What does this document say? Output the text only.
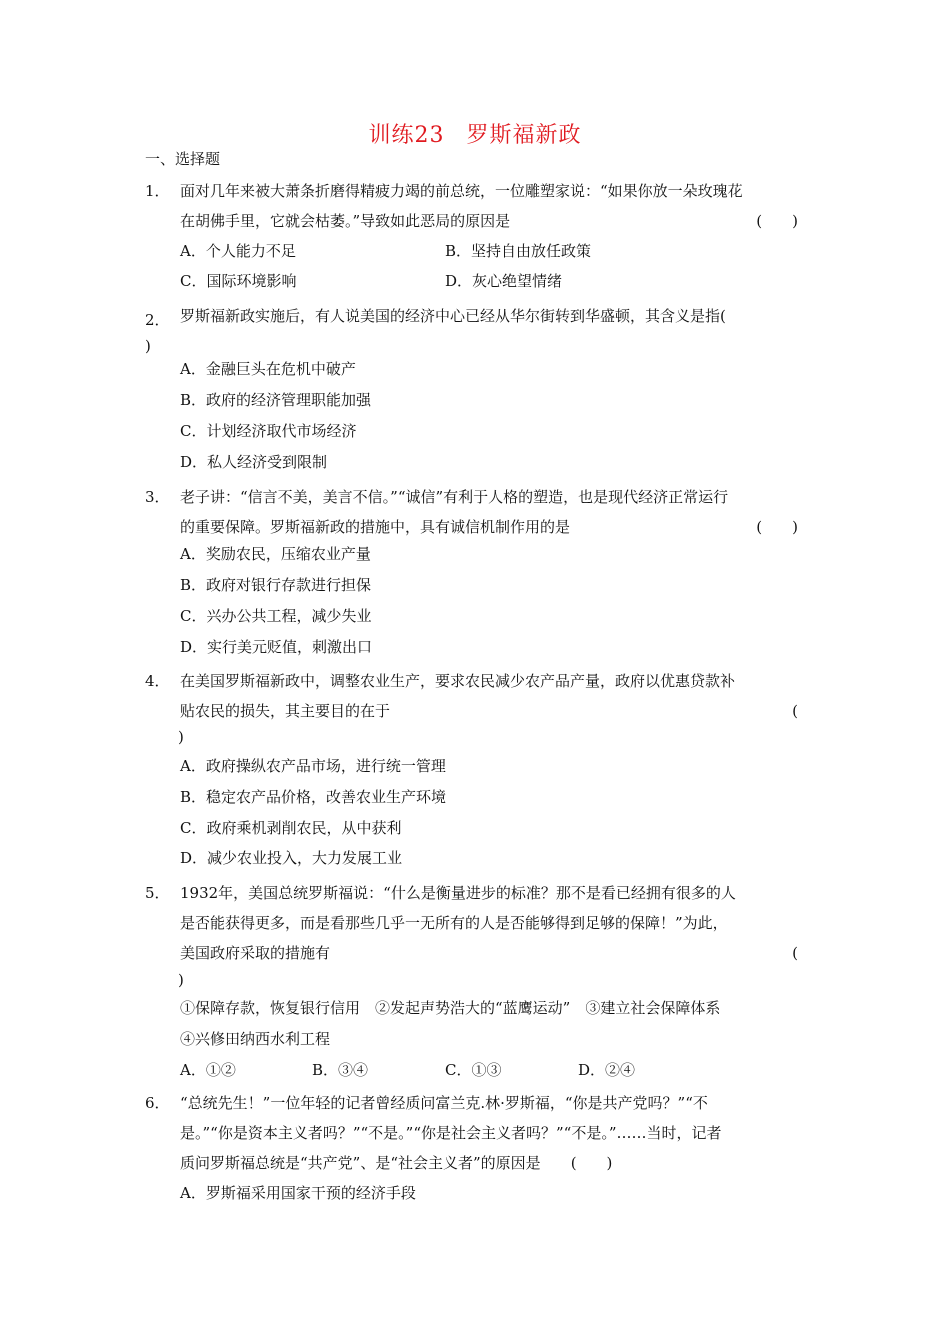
训练23 罗斯福新政
一、选择题
1． 面对几年来被大萧条折磨得精疲力竭的前总统，一位雕塑家说：“如果你放一朵玫瑰花
在胡佛手里，它就会枯萎。”导致如此恶局的原因是	(　　)
A．个人能力不足	B．坚持自由放任政策
C．国际环境影响	D．灰心绝望情绪
2． 罗斯福新政实施后，有人说美国的经济中心已经从华尔街转到华盛顿，其含义是指(
)
A．金融巨头在危机中破产
B．政府的经济管理职能加强
C．计划经济取代市场经济
D．私人经济受到限制
3． 老子讲：“信言不美，美言不信。”“诚信”有利于人格的塑造，也是现代经济正常运行
的重要保障。罗斯福新政的措施中，具有诚信机制作用的是	(　　)
A．奖励农民，压缩农业产量
B．政府对银行存款进行担保
C．兴办公共工程，减少失业
D．实行美元贬值，刺激出口
4． 在美国罗斯福新政中，调整农业生产，要求农民减少农产品产量，政府以优惠贷款补
贴农民的损失，其主要目的在于	(
)
A．政府操纵农产品市场，进行统一管理
B．稳定农产品价格，改善农业生产环境
C．政府乘机剥削农民，从中获利
D．减少农业投入，大力发展工业
5． 1932年，美国总统罗斯福说：“什么是衡量进步的标准？那不是看已经拥有很多的人
是否能获得更多，而是看那些几乎一无所有的人是否能够得到足够的保障！”为此，
美国政府采取的措施有	(
)
①保障存款，恢复银行信用　②发起声势浩大的“蓝鹰运动”　③建立社会保障体系
④兴修田纳西水利工程
A．①②	B．③④	C．①③	D．②④
6． “总统先生！”一位年轻的记者曾经质问富兰克.林·罗斯福，“你是共产党吗？”“不
是。”“你是资本主义者吗？”“不是。”“你是社会主义者吗？”“不是。”……当时，记者
质问罗斯福总统是“共产党”、是“社会主义者”的原因是 (　　)
A．罗斯福采用国家干预的经济手段
